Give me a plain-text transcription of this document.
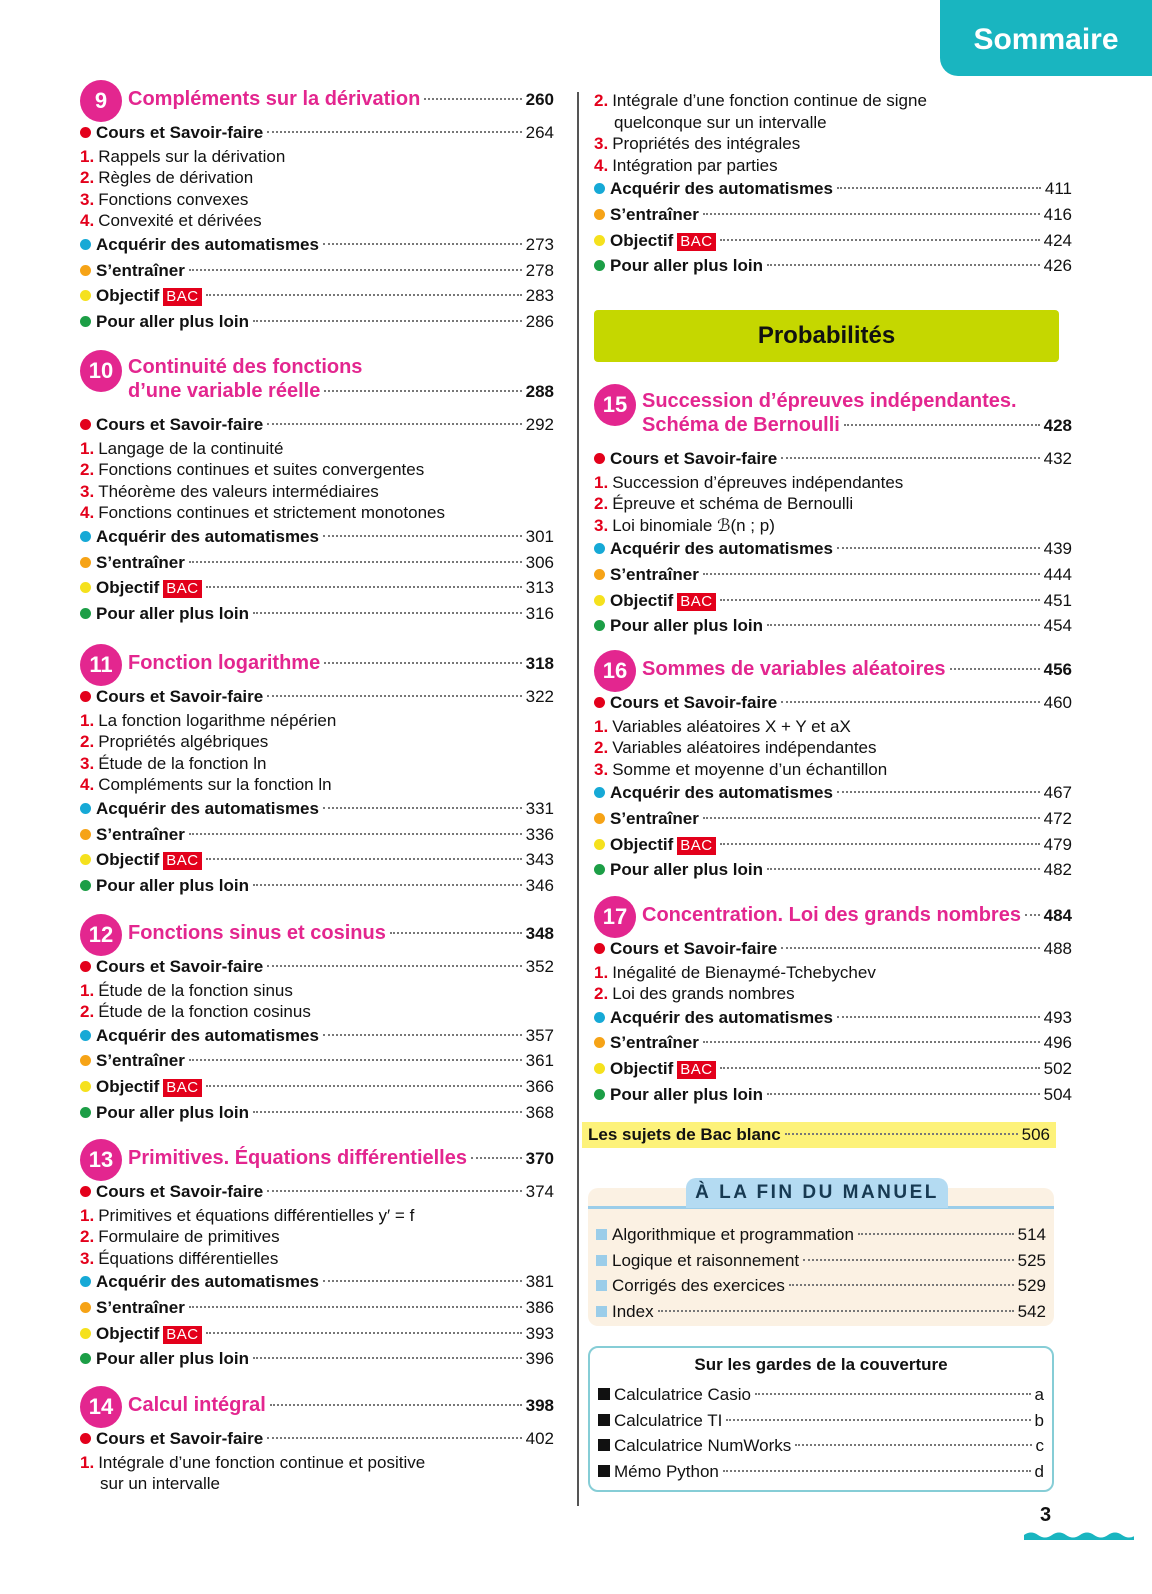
Sommaire
9 Compléments sur la dérivation	260
Cours et Savoir-faire	264
1. Rappels sur la dérivation
2. Règles de dérivation
3. Fonctions convexes
4. Convexité et dérivées
Acquérir des automatismes	273
S’entraîner	278
Objectif BAC	283
Pour aller plus loin	286
10 Continuité des fonctions
d’une variable réelle	288
Cours et Savoir-faire	292
1. Langage de la continuité
2. Fonctions continues et suites convergentes
3. Théorème des valeurs intermédiaires
4. Fonctions continues et strictement monotones
Acquérir des automatismes	301
S’entraîner	306
Objectif BAC	313
Pour aller plus loin	316
11 Fonction logarithme	318
Cours et Savoir-faire	322
1. La fonction logarithme népérien
2. Propriétés algébriques
3. Étude de la fonction ln
4. Compléments sur la fonction ln
Acquérir des automatismes	331
S’entraîner	336
Objectif BAC	343
Pour aller plus loin	346
12 Fonctions sinus et cosinus	348
Cours et Savoir-faire	352
1. Étude de la fonction sinus
2. Étude de la fonction cosinus
Acquérir des automatismes	357
S’entraîner	361
Objectif BAC	366
Pour aller plus loin	368
13 Primitives. Équations différentielles	370
Cours et Savoir-faire	374
1. Primitives et équations différentielles y′ = f
2. Formulaire de primitives
3. Équations différentielles
Acquérir des automatismes	381
S’entraîner	386
Objectif BAC	393
Pour aller plus loin	396
14 Calcul intégral	398
Cours et Savoir-faire	402
1. Intégrale d’une fonction continue et positive
sur un intervalle
2. Intégrale d’une fonction continue de signe
quelconque sur un intervalle
3. Propriétés des intégrales
4. Intégration par parties
Acquérir des automatismes	411
S’entraîner	416
Objectif BAC	424
Pour aller plus loin	426
Probabilités
15 Succession d’épreuves indépendantes.
Schéma de Bernoulli	428
Cours et Savoir-faire	432
1. Succession d’épreuves indépendantes
2. Épreuve et schéma de Bernoulli
3. Loi binomiale ℬ(n ; p)
Acquérir des automatismes	439
S’entraîner	444
Objectif BAC	451
Pour aller plus loin	454
16 Sommes de variables aléatoires	456
Cours et Savoir-faire	460
1. Variables aléatoires X + Y et aX
2. Variables aléatoires indépendantes
3. Somme et moyenne d’un échantillon
Acquérir des automatismes	467
S’entraîner	472
Objectif BAC	479
Pour aller plus loin	482
17 Concentration. Loi des grands nombres 484
Cours et Savoir-faire	488
1. Inégalité de Bienaymé-Tchebychev
2. Loi des grands nombres
Acquérir des automatismes	493
S’entraîner	496
Objectif BAC	502
Pour aller plus loin	504
Les sujets de Bac blanc	506
À LA FIN DU MANUEL
Algorithmique et programmation	514
Logique et raisonnement	525
Corrigés des exercices	529
Index	542
Sur les gardes de la couverture
Calculatrice Casio	a
Calculatrice TI	b
Calculatrice NumWorks	c
Mémo Python	d
3
